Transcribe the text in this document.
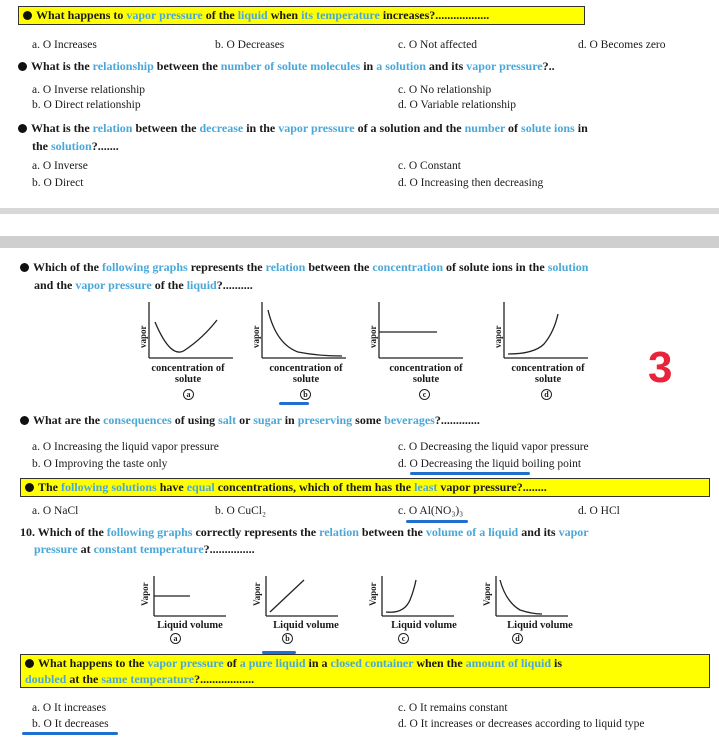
What happens to vapor pressure of the liquid when its temperature increases?..................
a. O Increases	b. O Decreases	c. O Not affected	d. O Becomes zero
What is the relationship between the number of solute molecules in a solution and its vapor pressure?..
a. O Inverse relationship	c. O No relationship
b. O Direct relationship	d. O Variable relationship
What is the relation between the decrease in the vapor pressure of a solution and the number of solute ions in
the solution?.......
a. O Inverse	c. O Constant
b. O Direct	d. O Increasing then decreasing
Which of the following graphs represents the relation between the concentration of solute ions in the solution
and the vapor pressure of the liquid?..........
vapor
concentration of solute
a
vapor
concentration of solute
b
vapor
concentration of solute
c
vapor
concentration of solute
d
3
What are the consequences of using salt or sugar in preserving some beverages?.............
a. O Increasing the liquid vapor pressure	c. O Decreasing the liquid vapor pressure
b. O Improving the taste only	d. O Decreasing the liquid boiling point
The following solutions have equal concentrations, which of them has the least vapor pressure?........
a. O NaCl	b. O CuCl₂	c. O Al(NO₃)₃	d. O HCl
10. Which of the following graphs correctly represents the relation between the volume of a liquid and its vapor
pressure at constant temperature?...............
Vapor
Liquid volume
a
Vapor
Liquid volume
b
Vapor
Liquid volume
c
Vapor
Liquid volume
d
What happens to the vapor pressure of a pure liquid in a closed container when the amount of liquid is
doubled at the same temperature?..................
a. O It increases	c. O It remains constant
b. O It decreases	d. O It increases or decreases according to liquid type
